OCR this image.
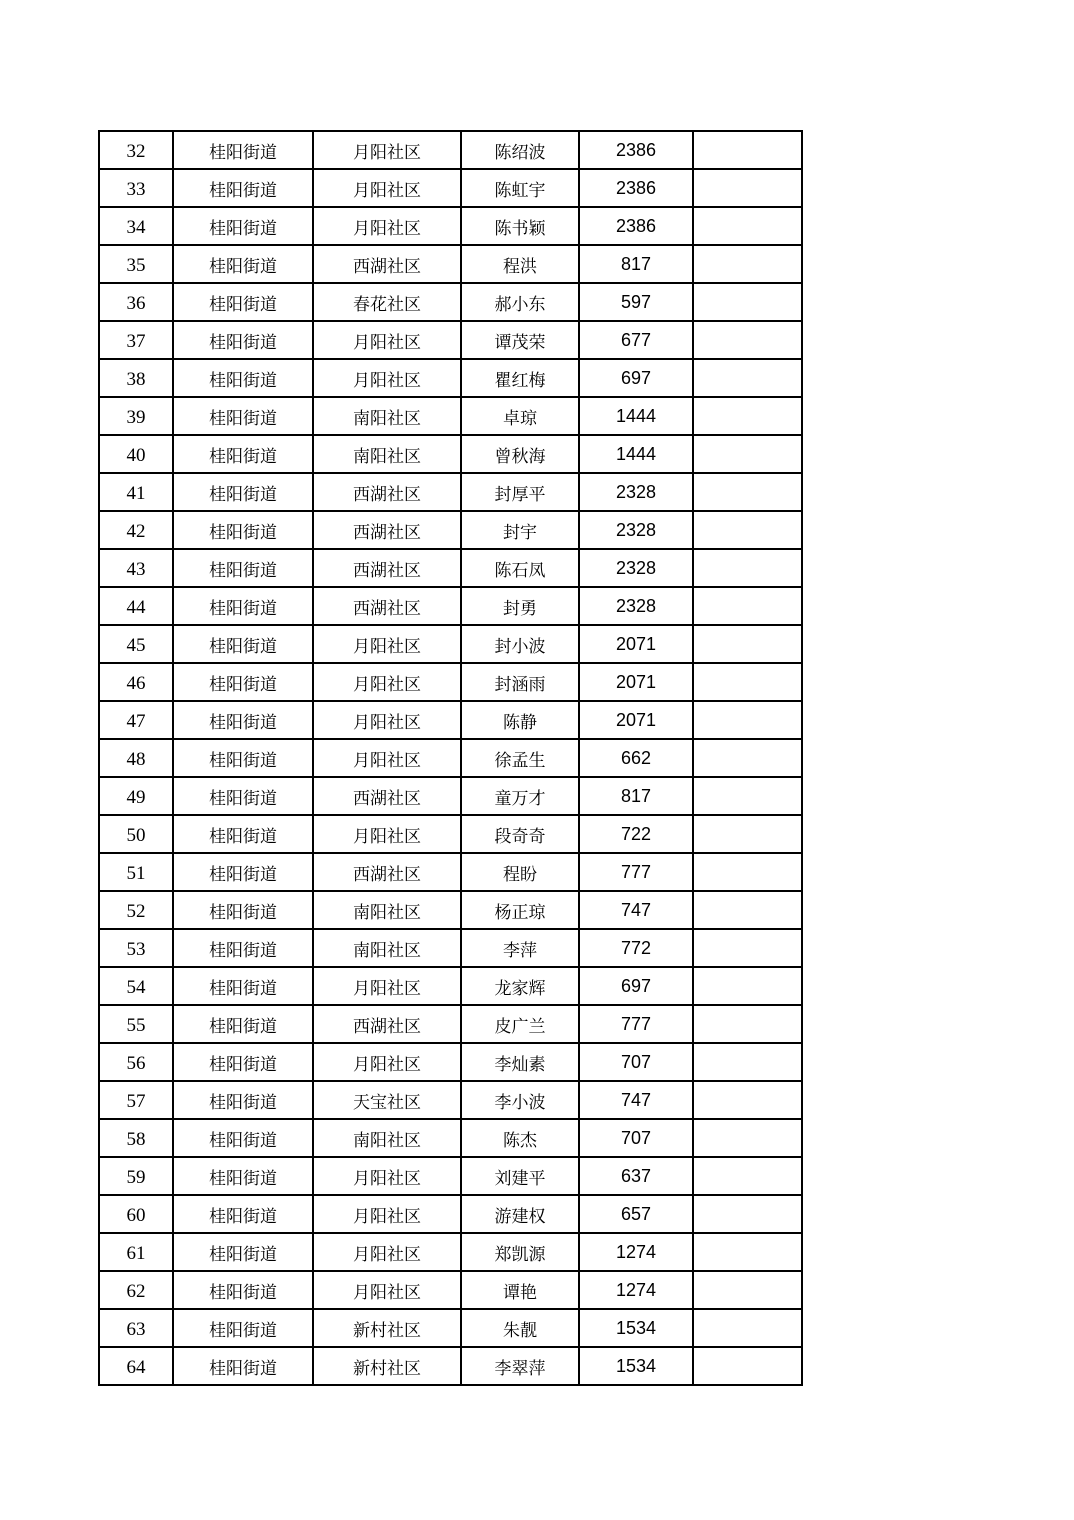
32	桂阳街道	月阳社区	陈绍波	2386	
33	桂阳街道	月阳社区	陈虹宇	2386	
34	桂阳街道	月阳社区	陈书颖	2386	
35	桂阳街道	西湖社区	程洪	817	
36	桂阳街道	春花社区	郝小东	597	
37	桂阳街道	月阳社区	谭茂荣	677	
38	桂阳街道	月阳社区	瞿红梅	697	
39	桂阳街道	南阳社区	卓琼	1444	
40	桂阳街道	南阳社区	曾秋海	1444	
41	桂阳街道	西湖社区	封厚平	2328	
42	桂阳街道	西湖社区	封宇	2328	
43	桂阳街道	西湖社区	陈石凤	2328	
44	桂阳街道	西湖社区	封勇	2328	
45	桂阳街道	月阳社区	封小波	2071	
46	桂阳街道	月阳社区	封涵雨	2071	
47	桂阳街道	月阳社区	陈静	2071	
48	桂阳街道	月阳社区	徐孟生	662	
49	桂阳街道	西湖社区	童万才	817	
50	桂阳街道	月阳社区	段奇奇	722	
51	桂阳街道	西湖社区	程盼	777	
52	桂阳街道	南阳社区	杨正琼	747	
53	桂阳街道	南阳社区	李萍	772	
54	桂阳街道	月阳社区	龙家辉	697	
55	桂阳街道	西湖社区	皮广兰	777	
56	桂阳街道	月阳社区	李灿素	707	
57	桂阳街道	天宝社区	李小波	747	
58	桂阳街道	南阳社区	陈杰	707	
59	桂阳街道	月阳社区	刘建平	637	
60	桂阳街道	月阳社区	游建权	657	
61	桂阳街道	月阳社区	郑凯源	1274	
62	桂阳街道	月阳社区	谭艳	1274	
63	桂阳街道	新村社区	朱靓	1534	
64	桂阳街道	新村社区	李翠萍	1534	
